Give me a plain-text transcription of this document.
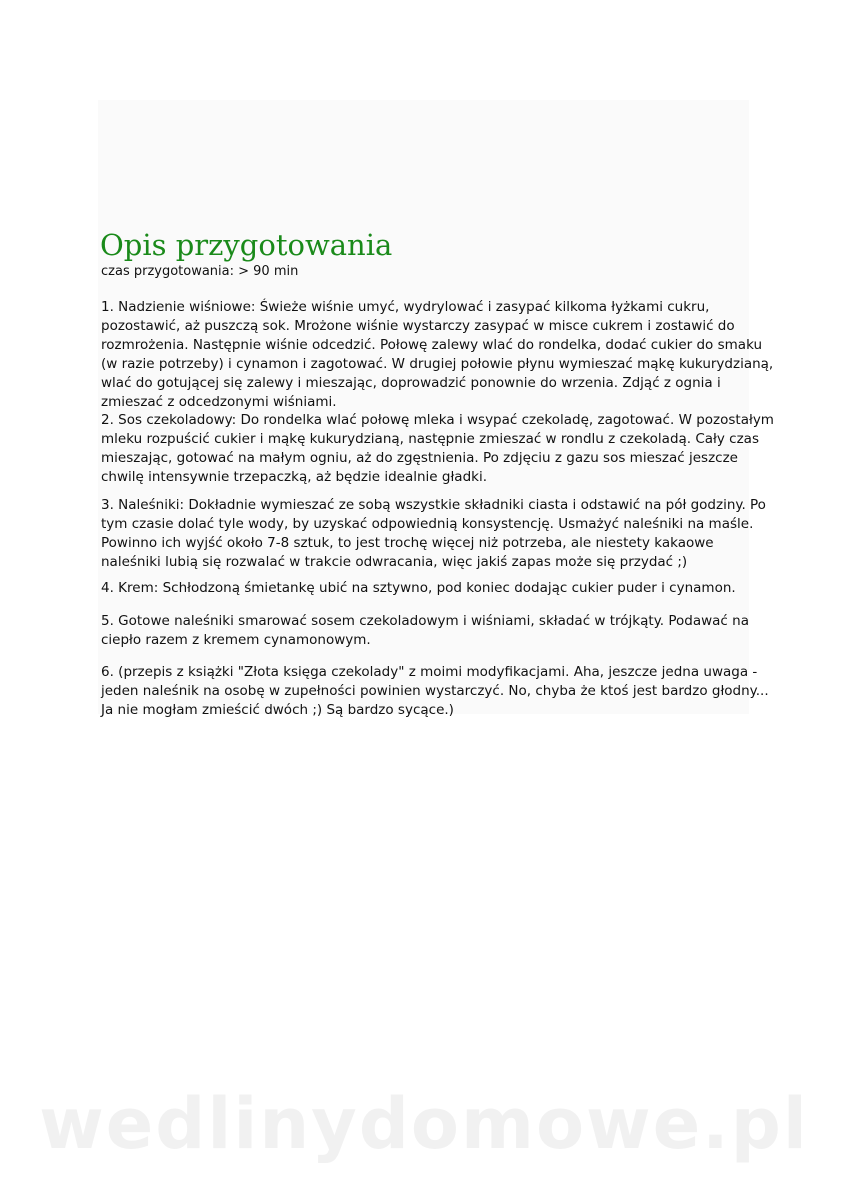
Opis przygotowania
czas przygotowania: > 90 min

1. Nadzienie wiśniowe: Świeże wiśnie umyć, wydrylować i zasypać kilkoma łyżkami cukru,
pozostawić, aż puszczą sok. Mrożone wiśnie wystarczy zasypać w misce cukrem i zostawić do
rozmrożenia. Następnie wiśnie odcedzić. Połowę zalewy wlać do rondelka, dodać cukier do smaku
(w razie potrzeby) i cynamon i zagotować. W drugiej połowie płynu wymieszać mąkę kukurydzianą,
wlać do gotującej się zalewy i mieszając, doprowadzić ponownie do wrzenia. Zdjąć z ognia i
zmieszać z odcedzonymi wiśniami.

2. Sos czekoladowy: Do rondelka wlać połowę mleka i wsypać czekoladę, zagotować. W pozostałym
mleku rozpuścić cukier i mąkę kukurydzianą, następnie zmieszać w rondlu z czekoladą. Cały czas
mieszając, gotować na małym ogniu, aż do zgęstnienia. Po zdjęciu z gazu sos mieszać jeszcze
chwilę intensywnie trzepaczką, aż będzie idealnie gładki.

3. Naleśniki: Dokładnie wymieszać ze sobą wszystkie składniki ciasta i odstawić na pół godziny. Po
tym czasie dolać tyle wody, by uzyskać odpowiednią konsystencję. Usmażyć naleśniki na maśle.
Powinno ich wyjść około 7-8 sztuk, to jest trochę więcej niż potrzeba, ale niestety kakaowe
naleśniki lubią się rozwalać w trakcie odwracania, więc jakiś zapas może się przydać ;)

4. Krem: Schłodzoną śmietankę ubić na sztywno, pod koniec dodając cukier puder i cynamon.

5. Gotowe naleśniki smarować sosem czekoladowym i wiśniami, składać w trójkąty. Podawać na
ciepło razem z kremem cynamonowym.

6. (przepis z książki "Złota księga czekolady" z moimi modyfikacjami. Aha, jeszcze jedna uwaga -
jeden naleśnik na osobę w zupełności powinien wystarczyć. No, chyba że ktoś jest bardzo głodny...
Ja nie mogłam zmieścić dwóch ;) Są bardzo sycące.)

wedlinydomowe.pl
